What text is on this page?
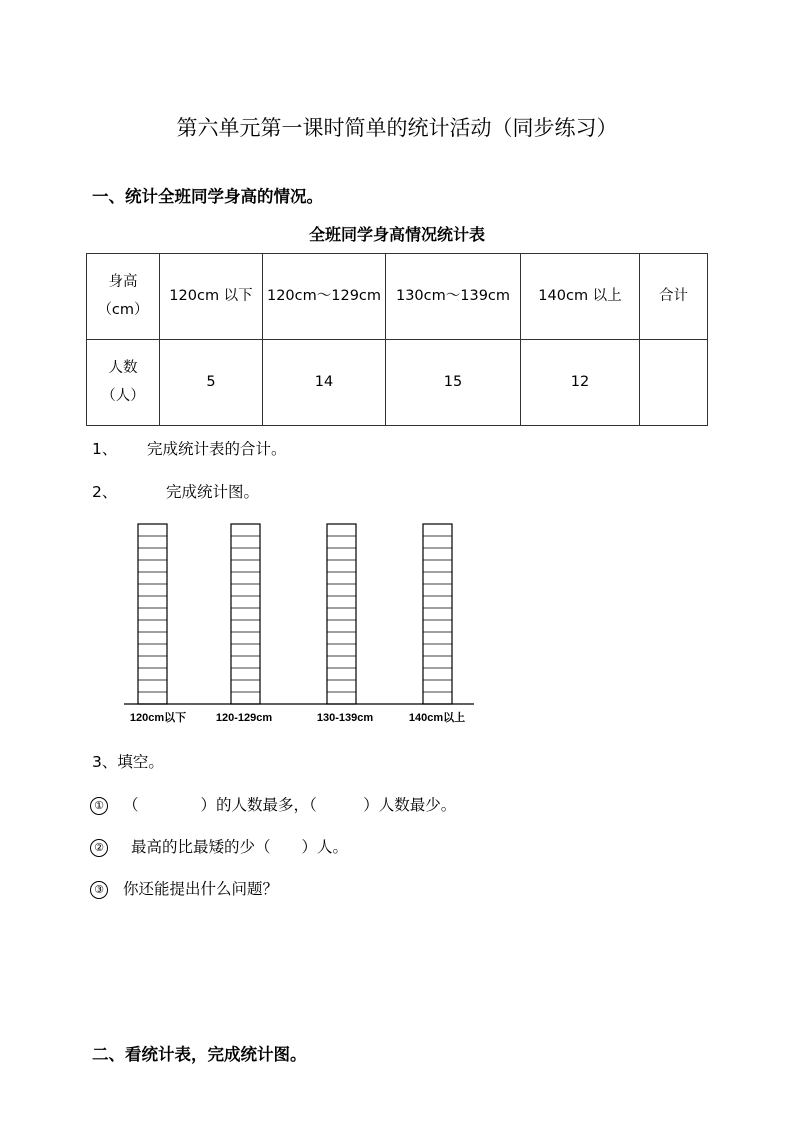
第六单元第一课时简单的统计活动（同步练习）
一、统计全班同学身高的情况。
全班同学身高情况统计表
身高
（cm）	120cm 以下	120cm～129cm	130cm～139cm	140cm 以上	合计
人数
（人）	5	14	15	12	
1、 完成统计表的合计。
2、	完成统计图。
120cm以下	120-129cm	130-139cm	140cm以上
3、填空。
① （　　　　）的人数最多，（　　　）人数最少。
② 最高的比最矮的少（　　）人。
③ 你还能提出什么问题？
二、看统计表，完成统计图。
